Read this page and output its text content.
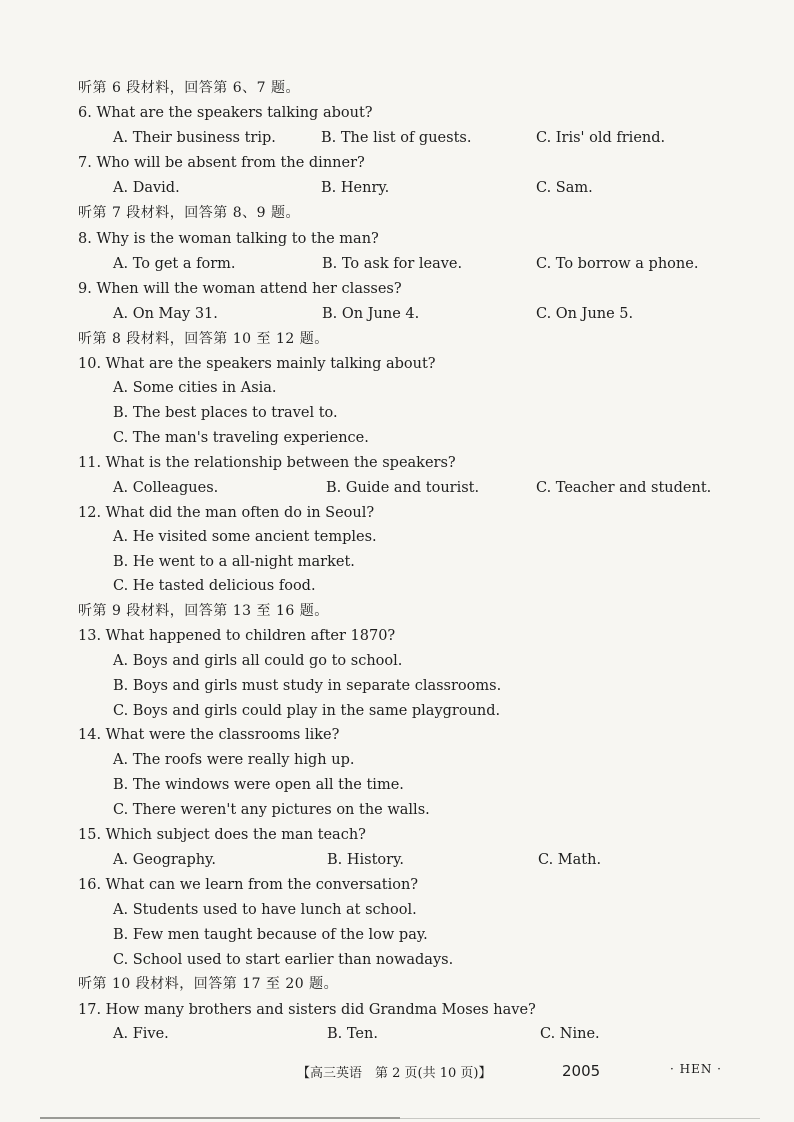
听第 6 段材料，回答第 6、7 题。
6. What are the speakers talking about?
A. Their business trip.	B. The list of guests.	C. Iris' old friend.
7. Who will be absent from the dinner?
A. David.	B. Henry.	C. Sam.
听第 7 段材料，回答第 8、9 题。
8. Why is the woman talking to the man?
A. To get a form.	B. To ask for leave.	C. To borrow a phone.
9. When will the woman attend her classes?
A. On May 31.	B. On June 4.	C. On June 5.
听第 8 段材料，回答第 10 至 12 题。
10. What are the speakers mainly talking about?
A. Some cities in Asia.
B. The best places to travel to.
C. The man's traveling experience.
11. What is the relationship between the speakers?
A. Colleagues.	B. Guide and tourist.	C. Teacher and student.
12. What did the man often do in Seoul?
A. He visited some ancient temples.
B. He went to a all-night market.
C. He tasted delicious food.
听第 9 段材料，回答第 13 至 16 题。
13. What happened to children after 1870?
A. Boys and girls all could go to school.
B. Boys and girls must study in separate classrooms.
C. Boys and girls could play in the same playground.
14. What were the classrooms like?
A. The roofs were really high up.
B. The windows were open all the time.
C. There weren't any pictures on the walls.
15. Which subject does the man teach?
A. Geography.	B. History.	C. Math.
16. What can we learn from the conversation?
A. Students used to have lunch at school.
B. Few men taught because of the low pay.
C. School used to start earlier than nowadays.
听第 10 段材料，回答第 17 至 20 题。
17. How many brothers and sisters did Grandma Moses have?
A. Five.	B. Ten.	C. Nine.
【高三英语　第 2 页(共 10 页)】	2005	· HEN ·
